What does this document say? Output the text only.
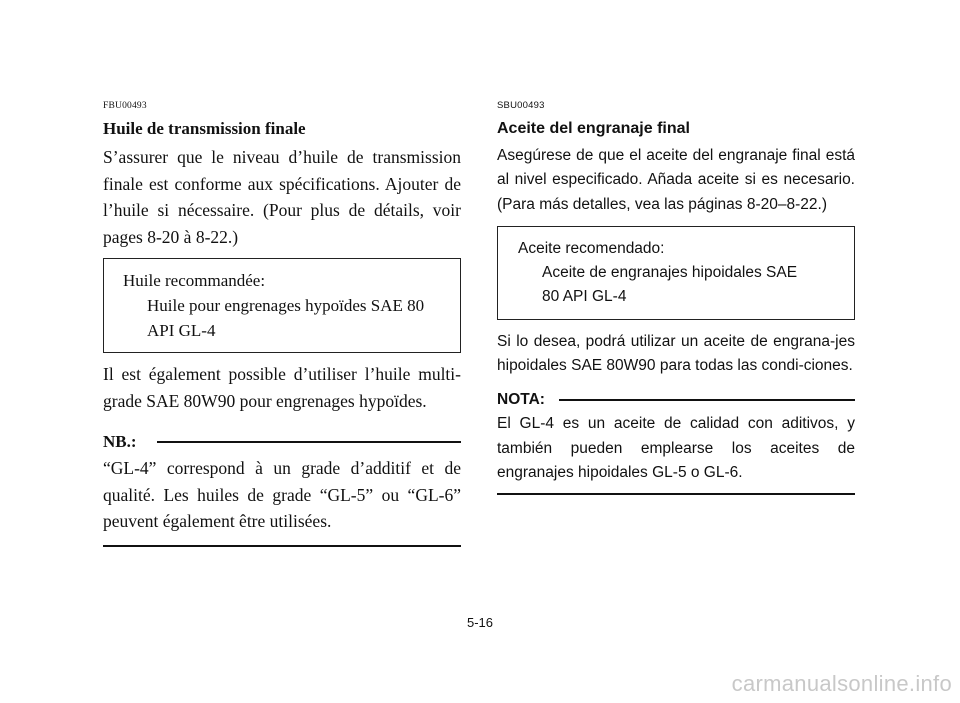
FBU00493
Huile de transmission finale

S’assurer que le niveau d’huile de transmission finale est conforme aux spécifications. Ajouter de l’huile si nécessaire. (Pour plus de détails, voir pages 8-20 à 8-22.)

Huile recommandée:
Huile pour engrenages hypoïdes SAE 80
API GL-4

Il est également possible d’utiliser l’huile multi-grade SAE 80W90 pour engrenages hypoïdes.

NB.:

“GL-4” correspond à un grade d’additif et de qualité. Les huiles de grade “GL-5” ou “GL-6” peuvent également être utilisées.

SBU00493
Aceite del engranaje final

Asegúrese de que el aceite del engranaje final está al nivel especificado. Añada aceite si es necesario. (Para más detalles, vea las páginas 8-20–8-22.)

Aceite recomendado:
Aceite de engranajes hipoidales SAE
80 API GL-4

Si lo desea, podrá utilizar un aceite de engrana-jes hipoidales SAE 80W90 para todas las condi-ciones.

NOTA:

El GL-4 es un aceite de calidad con aditivos, y también pueden emplearse los aceites de engranajes hipoidales GL-5 o GL-6.

5-16
carmanualsonline.info
